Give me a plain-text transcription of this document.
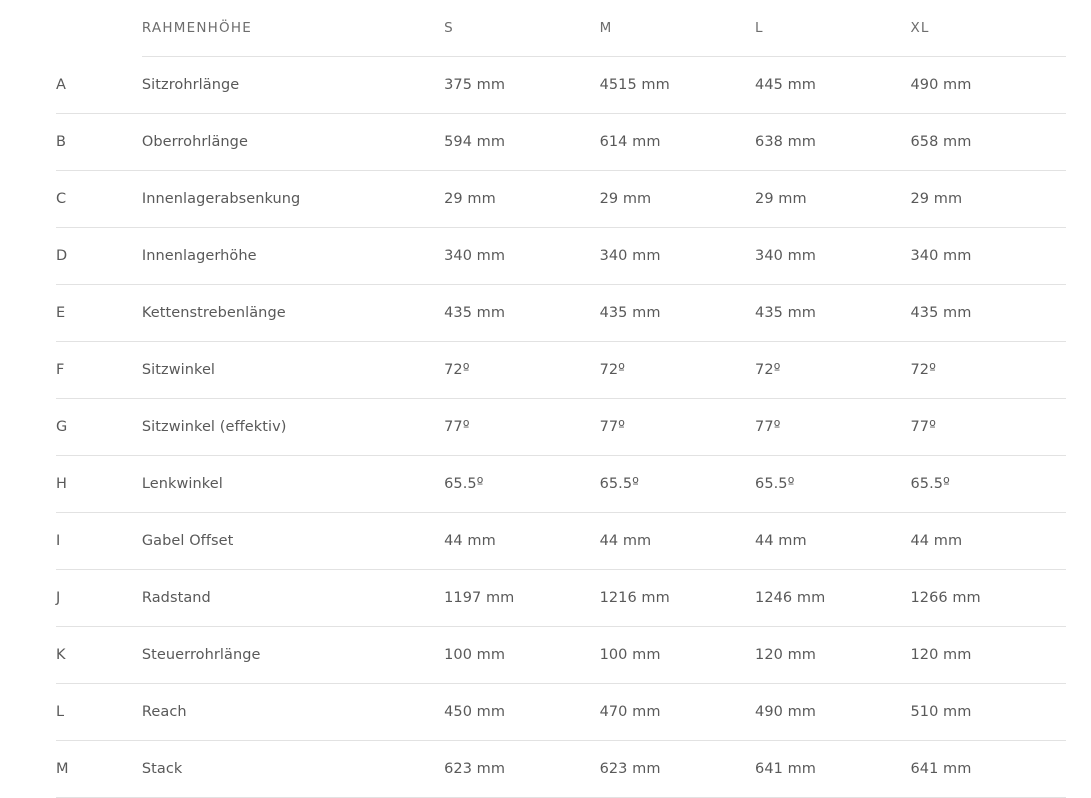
	RAHMENHÖHE	S	M	L	XL
A	Sitzrohrlänge	375 mm	4515 mm	445 mm	490 mm
B	Oberrohrlänge	594 mm	614 mm	638 mm	658 mm
C	Innenlagerabsenkung	29 mm	29 mm	29 mm	29 mm
D	Innenlagerhöhe	340 mm	340 mm	340 mm	340 mm
E	Kettenstrebenlänge	435 mm	435 mm	435 mm	435 mm
F	Sitzwinkel	72º	72º	72º	72º
G	Sitzwinkel (effektiv)	77º	77º	77º	77º
H	Lenkwinkel	65.5º	65.5º	65.5º	65.5º
I	Gabel Offset	44 mm	44 mm	44 mm	44 mm
J	Radstand	1197 mm	1216 mm	1246 mm	1266 mm
K	Steuerrohrlänge	100 mm	100 mm	120 mm	120 mm
L	Reach	450 mm	470 mm	490 mm	510 mm
M	Stack	623 mm	623 mm	641 mm	641 mm
